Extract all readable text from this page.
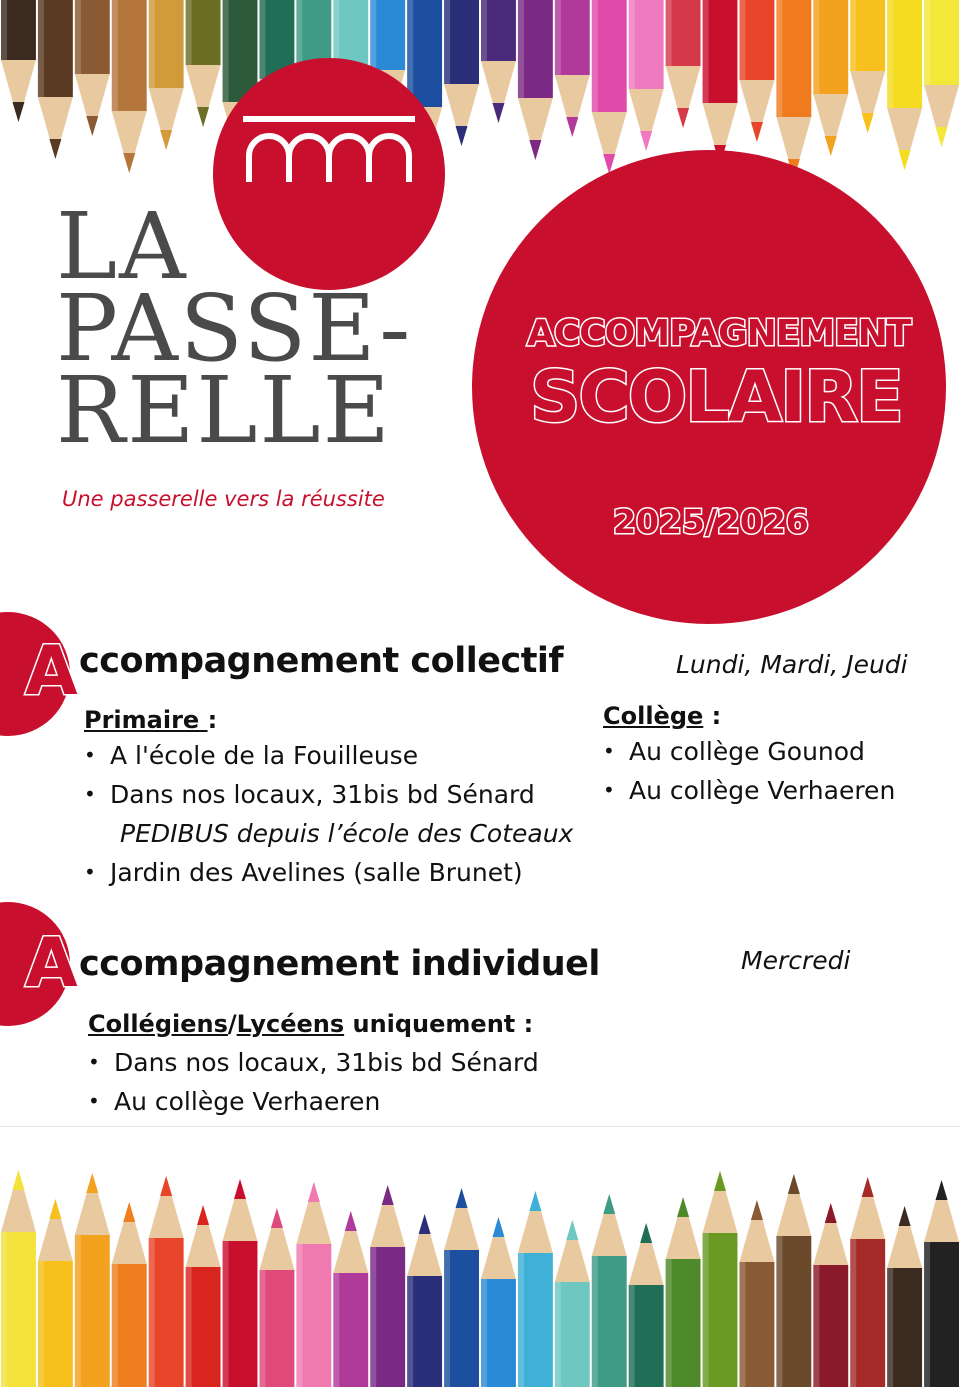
LA
PASSE-
RELLE
Une passerelle vers la réussite
ACCOMPAGNEMENT
SCOLAIRE
2025/2026
A ccompagnement collectif	Lundi, Mardi, Jeudi
Primaire :
• A l'école de la Fouilleuse
• Dans nos locaux, 31bis bd Sénard
PEDIBUS depuis l’école des Coteaux
• Jardin des Avelines (salle Brunet)
Collège :
• Au collège Gounod
• Au collège Verhaeren
A ccompagnement individuel	Mercredi
Collégiens/Lycéens uniquement :
• Dans nos locaux, 31bis bd Sénard
• Au collège Verhaeren
